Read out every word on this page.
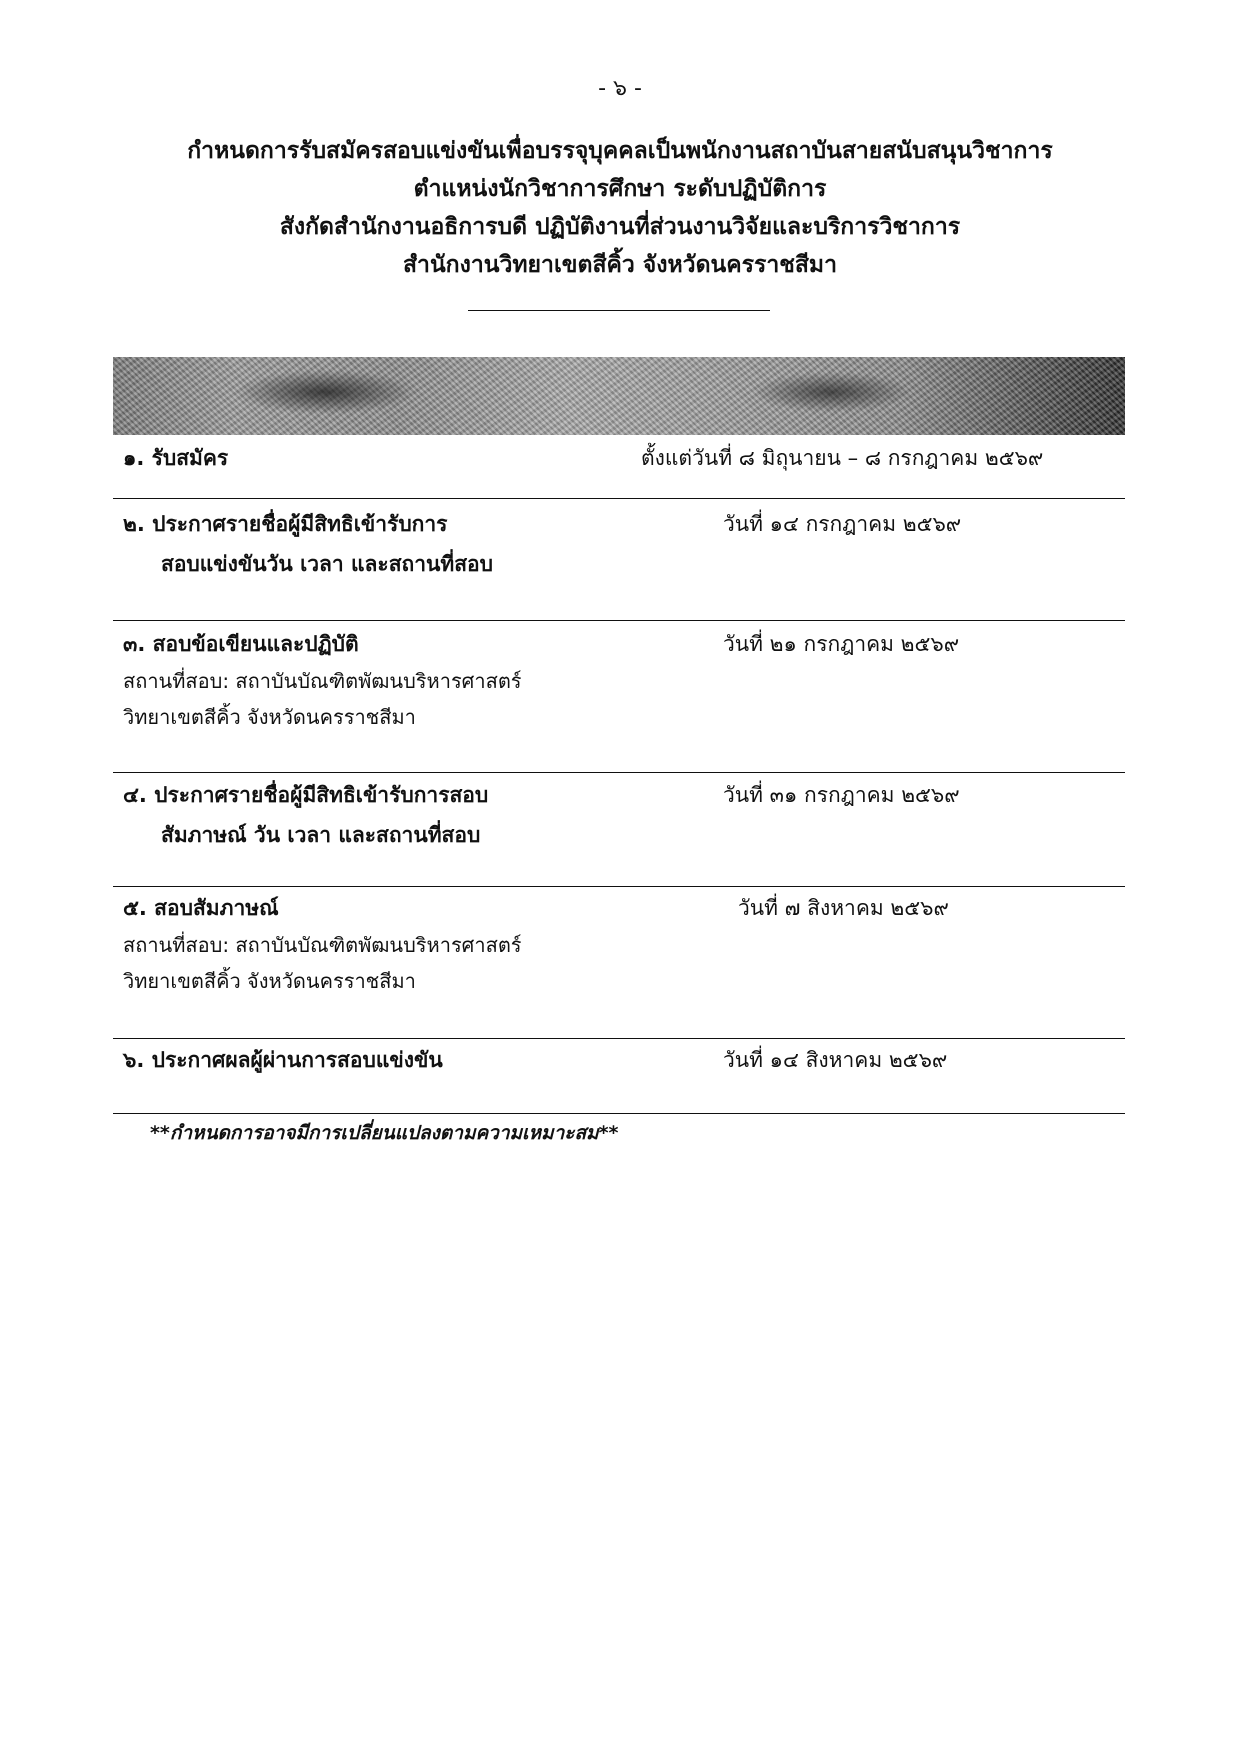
- ๖ -
กำหนดการรับสมัครสอบแข่งขันเพื่อบรรจุบุคคลเป็นพนักงานสถาบันสายสนับสนุนวิชาการ
ตำแหน่งนักวิชาการศึกษา ระดับปฏิบัติการ
สังกัดสำนักงานอธิการบดี ปฏิบัติงานที่ส่วนงานวิจัยและบริการวิชาการ
สำนักงานวิทยาเขตสีคิ้ว จังหวัดนครราชสีมา
๑. รับสมัคร	ตั้งแต่วันที่ ๘ มิถุนายน – ๘ กรกฎาคม ๒๕๖๙
๒. ประกาศรายชื่อผู้มีสิทธิเข้ารับการ
สอบแข่งขันวัน เวลา และสถานที่สอบ
วันที่ ๑๔ กรกฎาคม ๒๕๖๙
๓. สอบข้อเขียนและปฏิบัติ
สถานที่สอบ: สถาบันบัณฑิตพัฒนบริหารศาสตร์
วิทยาเขตสีคิ้ว จังหวัดนครราชสีมา
วันที่ ๒๑ กรกฎาคม ๒๕๖๙
๔. ประกาศรายชื่อผู้มีสิทธิเข้ารับการสอบ
สัมภาษณ์ วัน เวลา และสถานที่สอบ
วันที่ ๓๑ กรกฎาคม ๒๕๖๙
๕. สอบสัมภาษณ์
สถานที่สอบ: สถาบันบัณฑิตพัฒนบริหารศาสตร์
วิทยาเขตสีคิ้ว จังหวัดนครราชสีมา
วันที่ ๗ สิงหาคม ๒๕๖๙
๖. ประกาศผลผู้ผ่านการสอบแข่งขัน	วันที่ ๑๔ สิงหาคม ๒๕๖๙
**กำหนดการอาจมีการเปลี่ยนแปลงตามความเหมาะสม**
